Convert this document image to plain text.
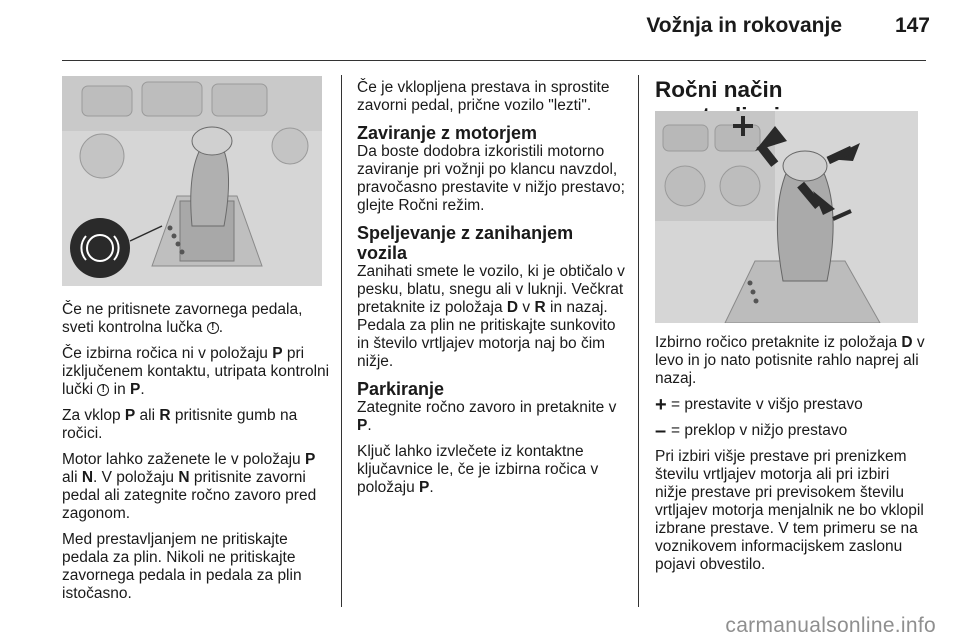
Vožnja in rokovanje	147

Če ne pritisnete zavornega pedala, sveti kontrolna lučka !.

Če izbirna ročica ni v položaju P pri izključenem kontaktu, utripata kontrolni lučki ! in P.

Za vklop P ali R pritisnite gumb na ročici.

Motor lahko zaženete le v položaju P ali N. V položaju N pritisnite zavorni pedal ali zategnite ročno zavoro pred zagonom.

Med prestavljanjem ne pritiskajte pedala za plin. Nikoli ne pritiskajte zavornega pedala in pedala za plin istočasno.

Če je vklopljena prestava in sprostite zavorni pedal, prične vozilo "lezti".

Zaviranje z motorjem

Da boste dodobra izkoristili motorno zaviranje pri vožnji po klancu navzdol, pravočasno prestavite v nižjo prestavo; glejte Ročni režim.

Speljevanje z zanihanjem vozila

Zanihati smete le vozilo, ki je obtičalo v pesku, blatu, snegu ali v luknji. Večkrat pretaknite iz položaja D v R in nazaj. Pedala za plin ne pritiskajte sunkovito in število vrtljajev motorja naj bo čim nižje.

Parkiranje

Zategnite ročno zavoro in pretaknite v P.

Ključ lahko izvlečete iz kontaktne ključavnice le, če je izbirna ročica v položaju P.

Ročni način

Izbirno ročico pretaknite iz položaja D v levo in jo nato potisnite rahlo naprej ali nazaj.

+ = prestavite v višjo prestavo

– = preklop v nižjo prestavo

Pri izbiri višje prestave pri prenizkem številu vrtljajev motorja ali pri izbiri nižje prestave pri previsokem številu vrtljajev motorja menjalnik ne bo vklopil izbrane prestave. V tem primeru se na voznikovem informacijskem zaslonu pojavi obvestilo.

carmanualsonline.info
